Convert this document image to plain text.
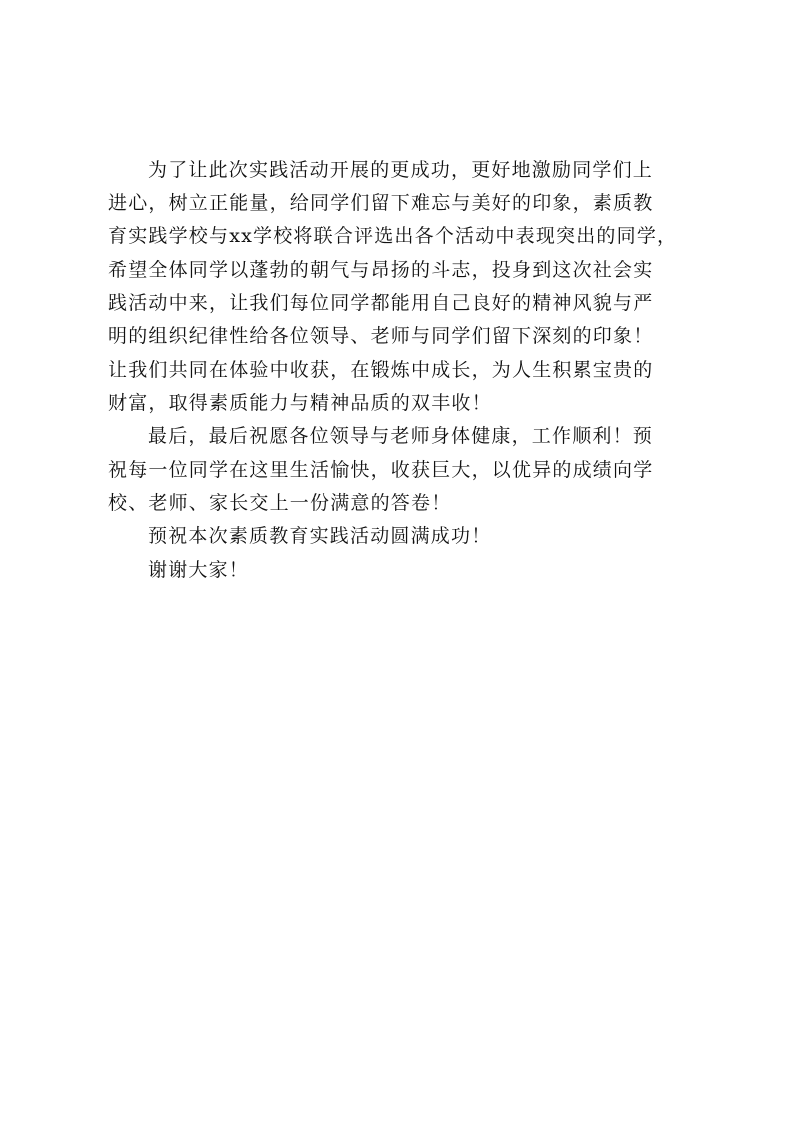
为了让此次实践活动开展的更成功，更好地激励同学们上
进心，树立正能量，给同学们留下难忘与美好的印象，素质教
育实践学校与xx学校将联合评选出各个活动中表现突出的同学，
希望全体同学以蓬勃的朝气与昂扬的斗志，投身到这次社会实
践活动中来，让我们每位同学都能用自己良好的精神风貌与严
明的组织纪律性给各位领导、老师与同学们留下深刻的印象！
让我们共同在体验中收获，在锻炼中成长，为人生积累宝贵的
财富，取得素质能力与精神品质的双丰收！
最后，最后祝愿各位领导与老师身体健康，工作顺利！预
祝每一位同学在这里生活愉快，收获巨大，以优异的成绩向学
校、老师、家长交上一份满意的答卷！
预祝本次素质教育实践活动圆满成功！
谢谢大家！
